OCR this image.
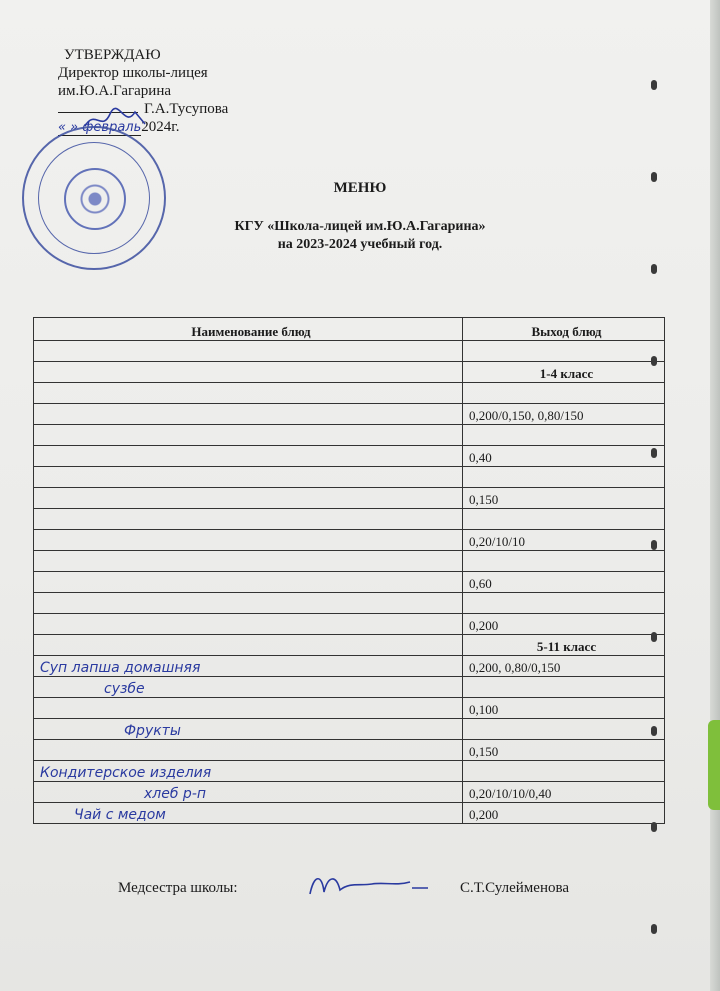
УТВЕРЖДАЮ
Директор школы-лицея
им.Ю.А.Гагарина
Г.А.Тусупова
« » февраль2024г.
МЕНЮ
КГУ «Школа-лицей им.Ю.А.Гагарина»
на 2023-2024 учебный год.
Наименование блюд	Выход блюд

	1-4 класс

	0,200/0,150, 0,80/150

	0,40

	0,150

	0,20/10/10

	0,60

	0,200
	5-11 класс
Суп лапша домашняя	0,200, 0,80/0,150
сузбе	
	0,100
Фрукты	
	0,150
Кондитерское изделия	
хлеб р-п	0,20/10/10/0,40
Чай с медом	0,200
Медсестра школы:	С.Т.Сулейменова
